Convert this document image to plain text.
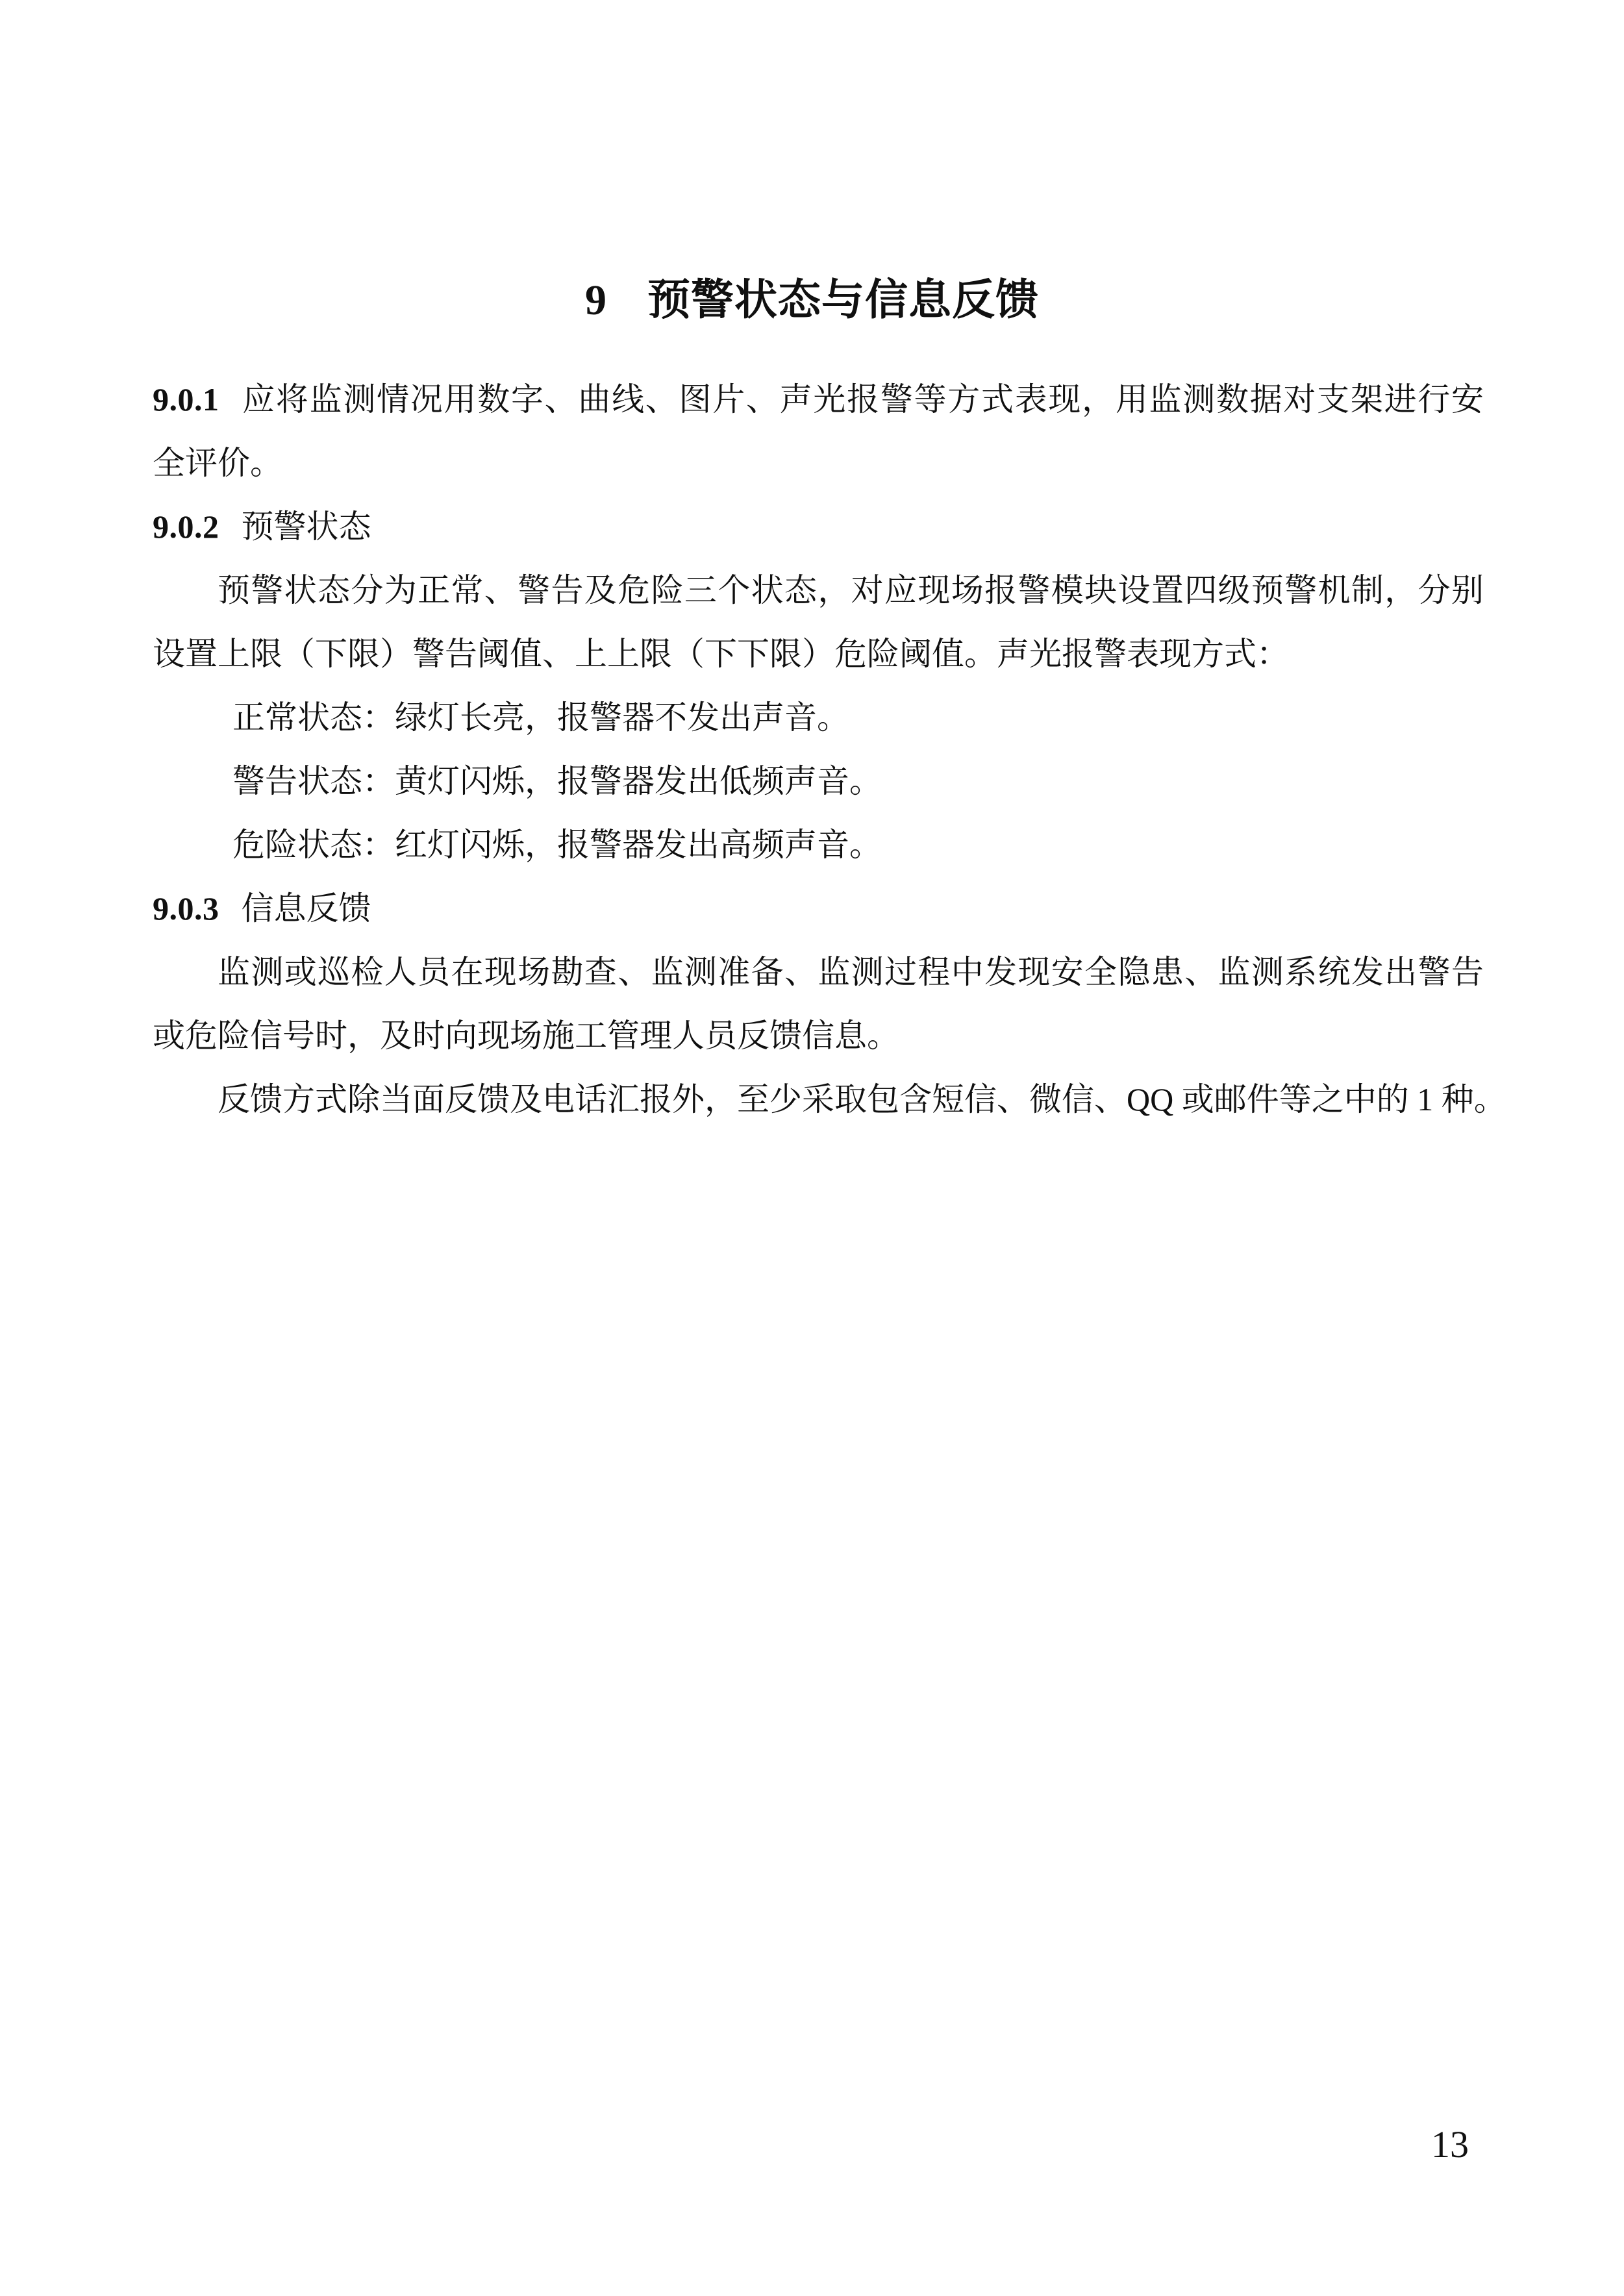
9 预警状态与信息反馈
9.0.1 应将监测情况用数字、曲线、图片、声光报警等方式表现，用监测数据对支架进行安
全评价。
9.0.2 预警状态
预警状态分为正常、警告及危险三个状态，对应现场报警模块设置四级预警机制，分别
设置上限（下限）警告阈值、上上限（下下限）危险阈值。声光报警表现方式：
正常状态：绿灯长亮，报警器不发出声音。
警告状态：黄灯闪烁，报警器发出低频声音。
危险状态：红灯闪烁，报警器发出高频声音。
9.0.3 信息反馈
监测或巡检人员在现场勘查、监测准备、监测过程中发现安全隐患、监测系统发出警告
或危险信号时，及时向现场施工管理人员反馈信息。
反馈方式除当面反馈及电话汇报外，至少采取包含短信、微信、QQ 或邮件等之中的 1 种。
13
